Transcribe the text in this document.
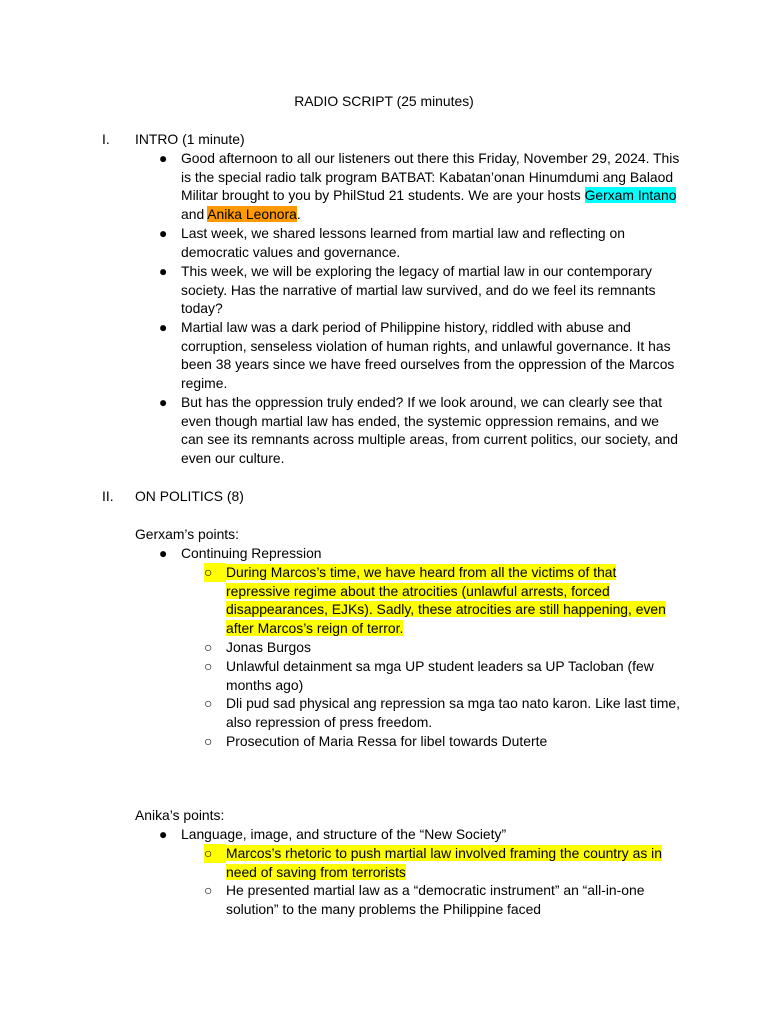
RADIO SCRIPT (25 minutes)
I.	INTRO (1 minute)
● Good afternoon to all our listeners out there this Friday, November 29, 2024. This
is the special radio talk program BATBAT: Kabatan’onan Hinumdumi ang Balaod
Militar brought to you by PhilStud 21 students. We are your hosts Gerxam Intano
and Anika Leonora.
● Last week, we shared lessons learned from martial law and reflecting on
democratic values and governance.
● This week, we will be exploring the legacy of martial law in our contemporary
society. Has the narrative of martial law survived, and do we feel its remnants
today?
● Martial law was a dark period of Philippine history, riddled with abuse and
corruption, senseless violation of human rights, and unlawful governance. It has
been 38 years since we have freed ourselves from the oppression of the Marcos
regime.
● But has the oppression truly ended? If we look around, we can clearly see that
even though martial law has ended, the systemic oppression remains, and we
can see its remnants across multiple areas, from current politics, our society, and
even our culture.
II.	ON POLITICS (8)
Gerxam’s points:
● Continuing Repression
○ During Marcos’s time, we have heard from all the victims of that
repressive regime about the atrocities (unlawful arrests, forced
disappearances, EJKs). Sadly, these atrocities are still happening, even
after Marcos’s reign of terror.
○ Jonas Burgos
○ Unlawful detainment sa mga UP student leaders sa UP Tacloban (few
months ago)
○ Dli pud sad physical ang repression sa mga tao nato karon. Like last time,
also repression of press freedom.
○ Prosecution of Maria Ressa for libel towards Duterte
Anika’s points:
● Language, image, and structure of the “New Society”
○ Marcos’s rhetoric to push martial law involved framing the country as in
need of saving from terrorists
○ He presented martial law as a “democratic instrument” an “all-in-one
solution” to the many problems the Philippine faced
